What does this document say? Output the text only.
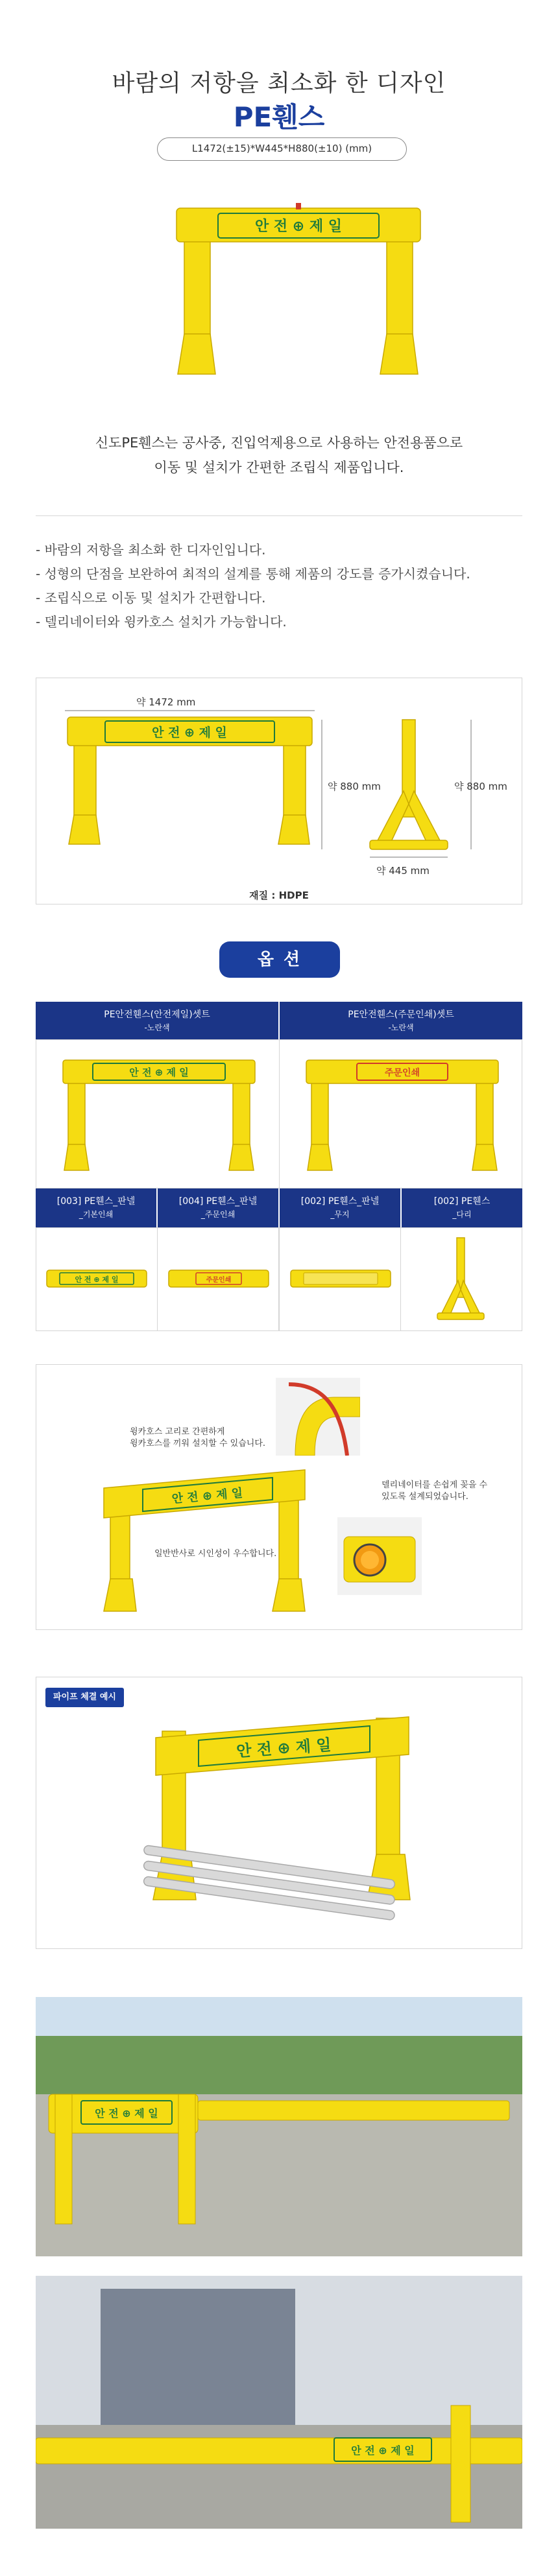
바람의 저항을 최소화 한 디자인
PE휀스
L1472(±15)*W445*H880(±10) (mm)
안 전 ⊕ 제 일
신도PE휀스는 공사중, 진입억제용으로 사용하는 안전용품으로
이동 및 설치가 간편한 조립식 제품입니다.
- 바람의 저항을 최소화 한 디자인입니다.
- 성형의 단점을 보완하여 최적의 설계를 통해 제품의 강도를 증가시켰습니다.
- 조립식으로 이동 및 설치가 간편합니다.
- 델리네이터와 윙카호스 설치가 가능합니다.
약 1472 mm
안 전 ⊕ 제 일
약 880 mm	약 880 mm
약 445 mm
재질 : HDPE
옵 션
PE안전휀스(안전제일)셋트
-노란색
PE안전휀스(주문인쇄)셋트
-노란색
안 전 ⊕ 제 일	주문인쇄
[003] PE휀스_판넬
_기본인쇄
[004] PE휀스_판넬
_주문인쇄
[002] PE휀스_판넬
_무지
[002] PE휀스
_다리
안 전 ⊕ 제 일	주문인쇄
안 전 ⊕ 제 일
윙카호스 고리로 간편하게
윙카호스를 끼워 설치할 수 있습니다.
일반반사로 시인성이 우수합니다.
델리네이터를 손쉽게 꽂을 수
있도록 설계되었습니다.
파이프 체결 예시
안 전 ⊕ 제 일
안 전 ⊕ 제 일
안 전 ⊕ 제 일
